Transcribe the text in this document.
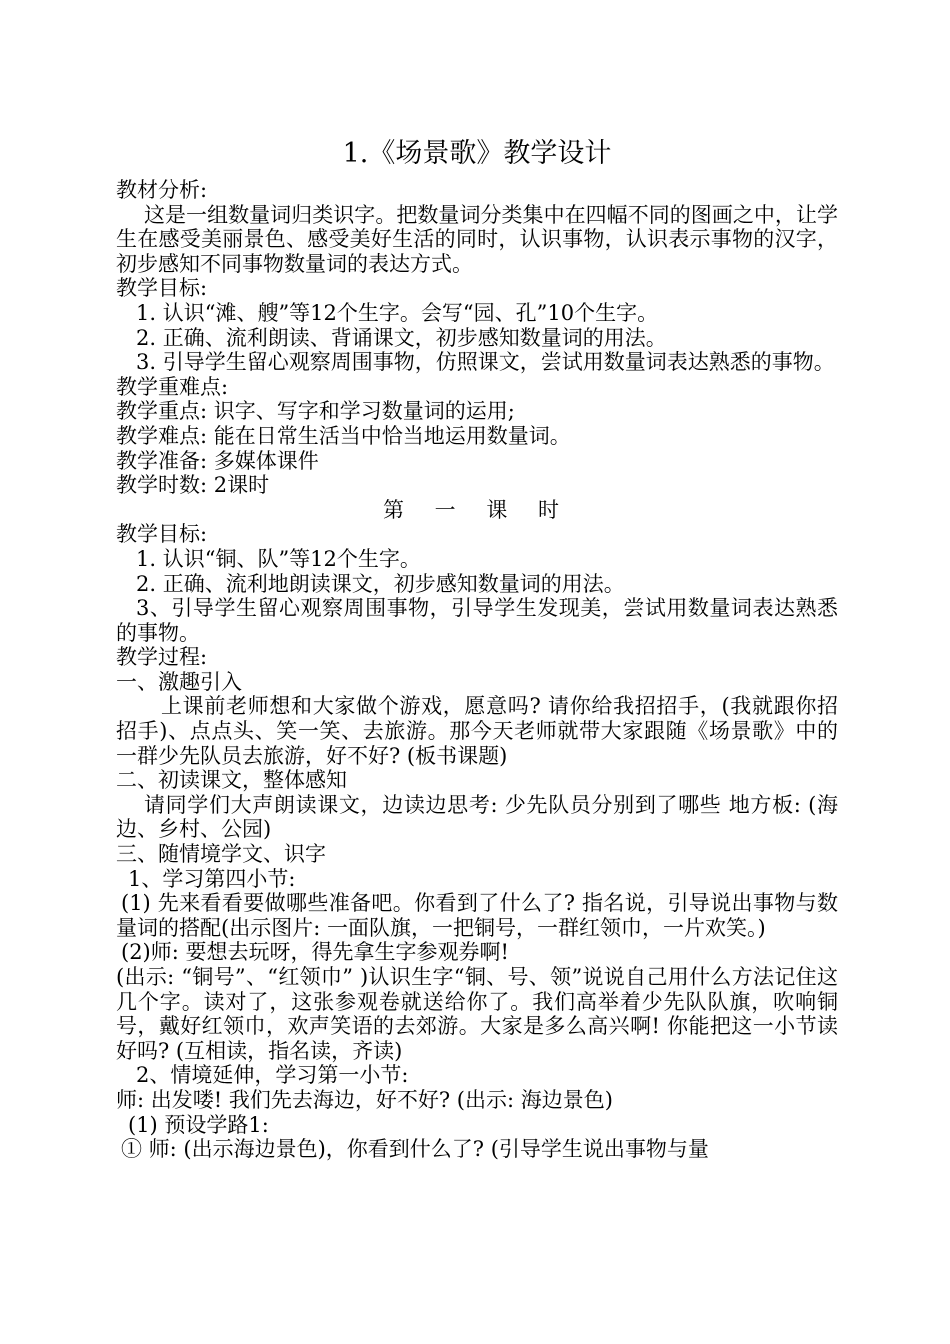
1.《场景歌》教学设计

教材分析:

这是一组数量词归类识字。把数量词分类集中在四幅不同的图画之中，让学生在感受美丽景色、感受美好生活的同时，认识事物，认识表示事物的汉字，初步感知不同事物数量词的表达方式。

教学目标:

1. 认识“滩、艘”等12个生字。会写“园、孔”10个生字。

2. 正确、流利朗读、背诵课文，初步感知数量词的用法。

3. 引导学生留心观察周围事物，仿照课文，尝试用数量词表达熟悉的事物。

教学重难点:

教学重点: 识字、写字和学习数量词的运用;

教学难点: 能在日常生活当中恰当地运用数量词。

教学准备: 多媒体课件

教学时数: 2课时

第 一 课 时

教学目标:

1. 认识“铜、队”等12个生字。

2. 正确、流利地朗读课文，初步感知数量词的用法。

3、引导学生留心观察周围事物，引导学生发现美，尝试用数量词表达熟悉的事物。

教学过程:

一、激趣引入

上课前老师想和大家做个游戏，愿意吗? 请你给我招招手，(我就跟你招招手)、点点头、笑一笑、去旅游。那今天老师就带大家跟随《场景歌》中的一群少先队员去旅游，好不好? (板书课题)

二、初读课文，整体感知

请同学们大声朗读课文，边读边思考: 少先队员分别到了哪些 地方板: (海边、乡村、公园)

三、随情境学文、识字

1、学习第四小节:

(1) 先来看看要做哪些准备吧。你看到了什么了? 指名说，引导说出事物与数量词的搭配(出示图片: 一面队旗，一把铜号，一群红领巾，一片欢笑。)

(2)师: 要想去玩呀，得先拿生字参观券啊!

(出示: “铜号”、“红领巾” )认识生字“铜、号、领”说说自己用什么方法记住这几个字。读对了，这张参观卷就送给你了。我们高举着少先队队旗，吹响铜号，戴好红领巾，欢声笑语的去郊游。大家是多么高兴啊! 你能把这一小节读好吗? (互相读，指名读，齐读)

2、情境延伸，学习第一小节:

师: 出发喽! 我们先去海边，好不好? (出示: 海边景色)

(1) 预设学路1:

① 师: (出示海边景色)，你看到什么了? (引导学生说出事物与量
